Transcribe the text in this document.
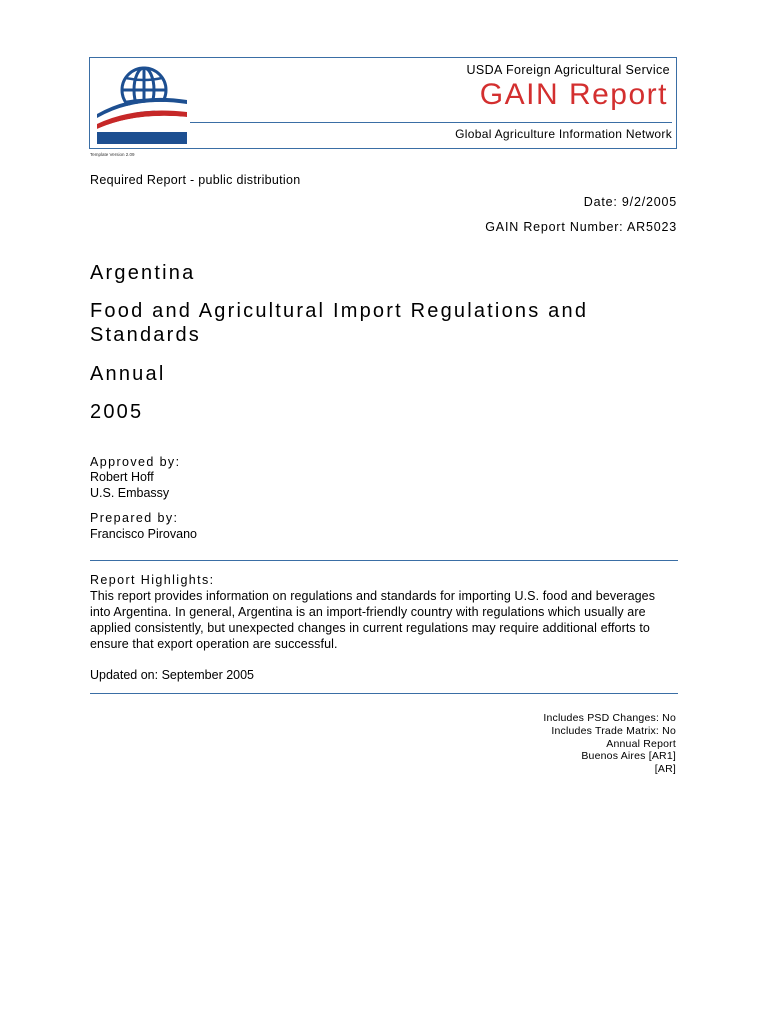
USDA Foreign Agricultural Service
GAIN Report
Global Agriculture Information Network
Template Version 2.09
Required Report - public distribution
Date: 9/2/2005
GAIN Report Number: AR5023
Argentina
Food and Agricultural Import Regulations and Standards
Annual
2005
Approved by:
Robert Hoff
U.S. Embassy
Prepared by:
Francisco Pirovano
Report Highlights:
This report provides information on regulations and standards for importing U.S. food and beverages into Argentina. In general, Argentina is an import-friendly country with regulations which usually are applied consistently, but unexpected changes in current regulations may require additional efforts to ensure that export operation are successful.
Updated on: September 2005
Includes PSD Changes: No
Includes Trade Matrix: No
Annual Report
Buenos Aires [AR1]
[AR]
